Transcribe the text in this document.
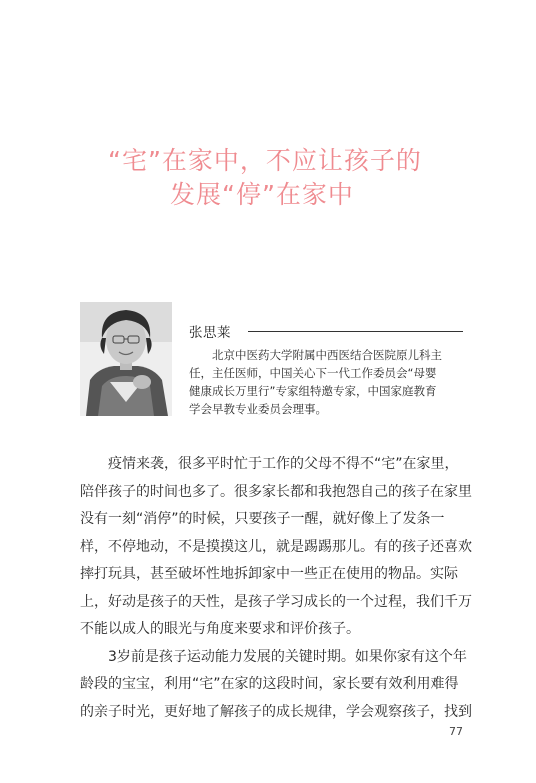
“宅”在家中，不应让孩子的
发展“停”在家中
张思莱
北京中医药大学附属中西医结合医院原儿科主
任，主任医师，中国关心下一代工作委员会“母婴
健康成长万里行”专家组特邀专家，中国家庭教育
学会早教专业委员会理事。
疫情来袭，很多平时忙于工作的父母不得不“宅”在家里，
陪伴孩子的时间也多了。很多家长都和我抱怨自己的孩子在家里
没有一刻“消停”的时候，只要孩子一醒，就好像上了发条一
样，不停地动，不是摸摸这儿，就是踢踢那儿。有的孩子还喜欢
摔打玩具，甚至破坏性地拆卸家中一些正在使用的物品。实际
上，好动是孩子的天性，是孩子学习成长的一个过程，我们千万
不能以成人的眼光与角度来要求和评价孩子。
3岁前是孩子运动能力发展的关键时期。如果你家有这个年
龄段的宝宝，利用“宅”在家的这段时间，家长要有效利用难得
的亲子时光，更好地了解孩子的成长规律，学会观察孩子，找到
77
